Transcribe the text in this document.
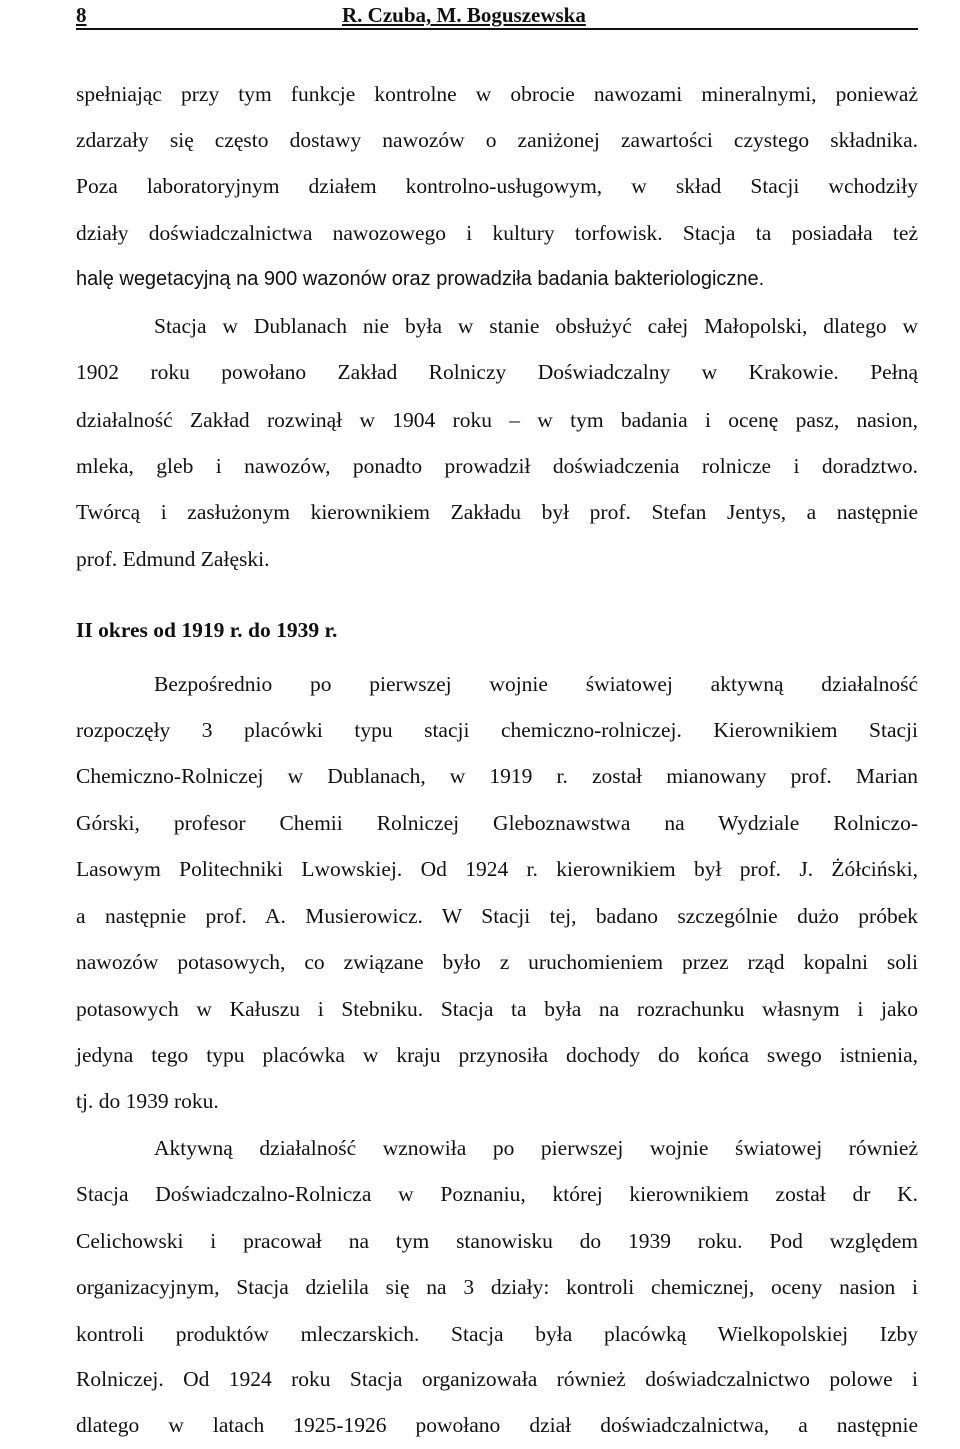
8	R. Czuba, M. Boguszewska
spełniając przy tym funkcje kontrolne w obrocie nawozami mineralnymi, ponieważ
zdarzały się często dostawy nawozów o zaniżonej zawartości czystego składnika.
Poza laboratoryjnym działem kontrolno-usługowym, w skład Stacji wchodziły
działy doświadczalnictwa nawozowego i kultury torfowisk. Stacja ta posiadała też
halę wegetacyjną na 900 wazonów oraz prowadziła badania bakteriologiczne.
Stacja w Dublanach nie była w stanie obsłużyć całej Małopolski, dlatego w
1902 roku powołano Zakład Rolniczy Doświadczalny w Krakowie. Pełną
działalność Zakład rozwinął w 1904 roku – w tym badania i ocenę pasz, nasion,
mleka, gleb i nawozów, ponadto prowadził doświadczenia rolnicze i doradztwo.
Twórcą i zasłużonym kierownikiem Zakładu był prof. Stefan Jentys, a następnie
prof. Edmund Załęski.
II okres od 1919 r. do 1939 r.
Bezpośrednio po pierwszej wojnie światowej aktywną działalność
rozpoczęły 3 placówki typu stacji chemiczno-rolniczej. Kierownikiem Stacji
Chemiczno-Rolniczej w Dublanach, w 1919 r. został mianowany prof. Marian
Górski, profesor Chemii Rolniczej Gleboznawstwa na Wydziale Rolniczo-
Lasowym Politechniki Lwowskiej. Od 1924 r. kierownikiem był prof. J. Żółciński,
a następnie prof. A. Musierowicz. W Stacji tej, badano szczególnie dużo próbek
nawozów potasowych, co związane było z uruchomieniem przez rząd kopalni soli
potasowych w Kałuszu i Stebniku. Stacja ta była na rozrachunku własnym i jako
jedyna tego typu placówka w kraju przynosiła dochody do końca swego istnienia,
tj. do 1939 roku.
Aktywną działalność wznowiła po pierwszej wojnie światowej również
Stacja Doświadczalno-Rolnicza w Poznaniu, której kierownikiem został dr K.
Celichowski i pracował na tym stanowisku do 1939 roku. Pod względem
organizacyjnym, Stacja dzielila się na 3 działy: kontroli chemicznej, oceny nasion i
kontroli produktów mleczarskich. Stacja była placówką Wielkopolskiej Izby
Rolniczej. Od 1924 roku Stacja organizowała również doświadczalnictwo polowe i
dlatego w latach 1925-1926 powołano dział doświadczalnictwa, a następnie
